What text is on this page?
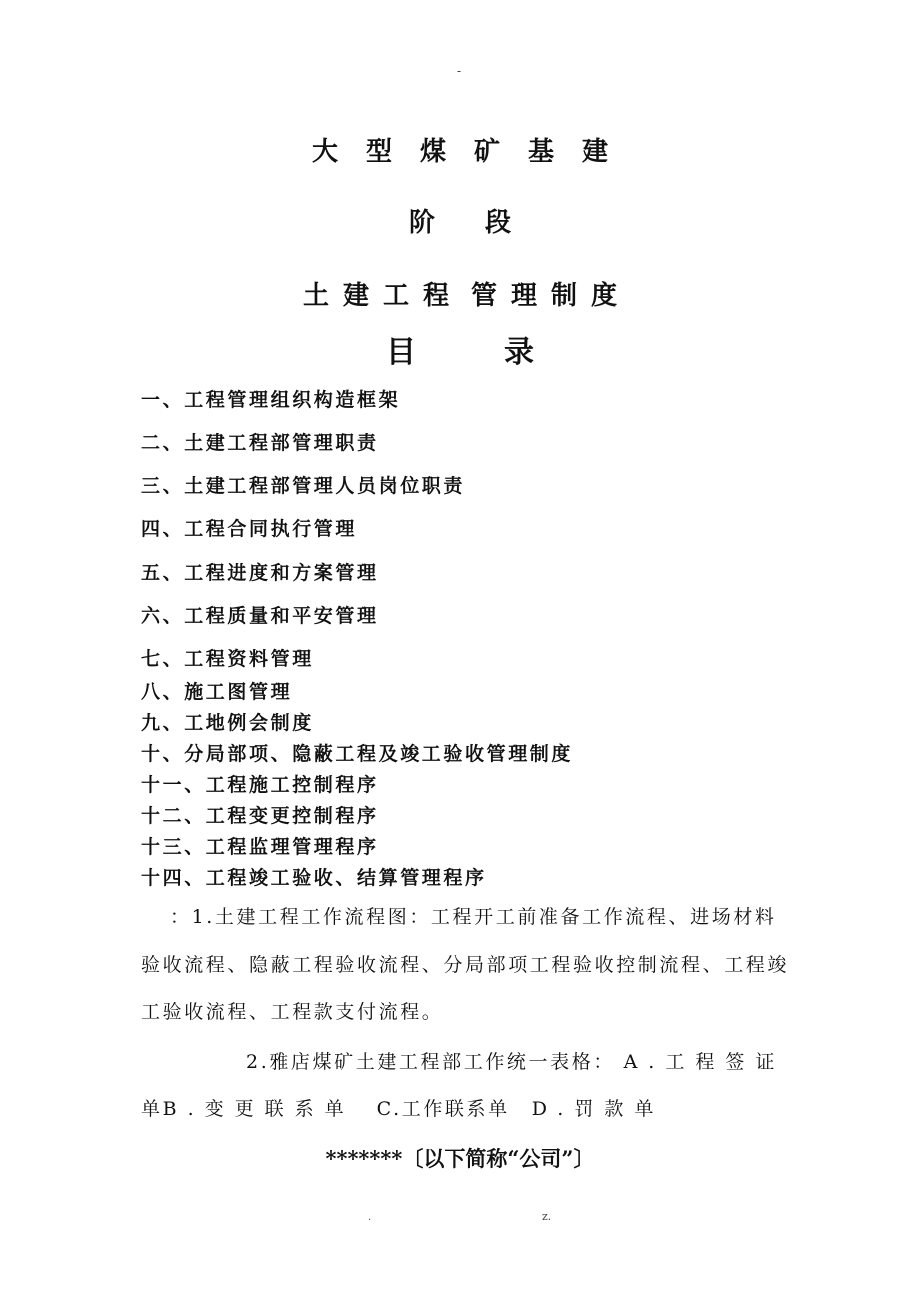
-
大型煤矿基建
阶段
土建工程 管理制度
目录
一、工程管理组织构造框架
二、土建工程部管理职责
三、土建工程部管理人员岗位职责
四、工程合同执行管理
五、工程进度和方案管理
六、工程质量和平安管理
七、工程资料管理
八、施工图管理
九、工地例会制度
十、分局部项、隐蔽工程及竣工验收管理制度
十一、工程施工控制程序
十二、工程变更控制程序
十三、工程监理管理程序
十四、工程竣工验收、结算管理程序
：1.土建工程工作流程图：工程开工前准备工作流程、进场材料
验收流程、隐蔽工程验收流程、分局部项工程验收控制流程、工程竣
工验收流程、工程款支付流程。
2.雅店煤矿土建工程部工作统一表格： A.工程签证
单B.变更联系单 C.工作联系单 D.罚款单
*******〔以下简称“公司”〕
.	z.
